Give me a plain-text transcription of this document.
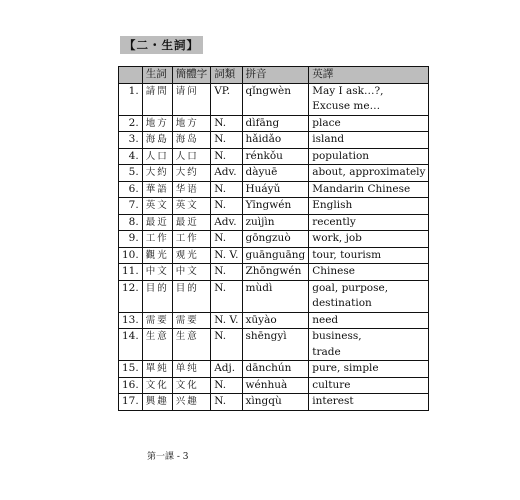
【二・生詞】
	生詞	簡體字	詞類	拼音	英譯
1.	請問	请问	VP.	qǐngwèn	May I ask…?,
					Excuse me…
2.	地方	地方	N.	dìfāng	place
3.	海島	海岛	N.	hǎidǎo	island
4.	人口	人口	N.	rénkǒu	population
5.	大約	大约	Adv.	dàyuē	about, approximately
6.	華語	华语	N.	Huáyǔ	Mandarin Chinese
7.	英文	英文	N.	Yīngwén	English
8.	最近	最近	Adv.	zuìjìn	recently
9.	工作	工作	N.	gōngzuò	work, job
10.	觀光	观光	N. V.	guānguāng	tour, tourism
11.	中文	中文	N.	Zhōngwén	Chinese
12.	目的	目的	N.	mùdì	goal, purpose,
					destination
13.	需要	需要	N. V.	xūyào	need
14.	生意	生意	N.	shēngyì	business,
					trade
15.	單純	单纯	Adj.	dānchún	pure, simple
16.	文化	文化	N.	wénhuà	culture
17.	興趣	兴趣	N.	xìngqù	interest
第一課 - 3
